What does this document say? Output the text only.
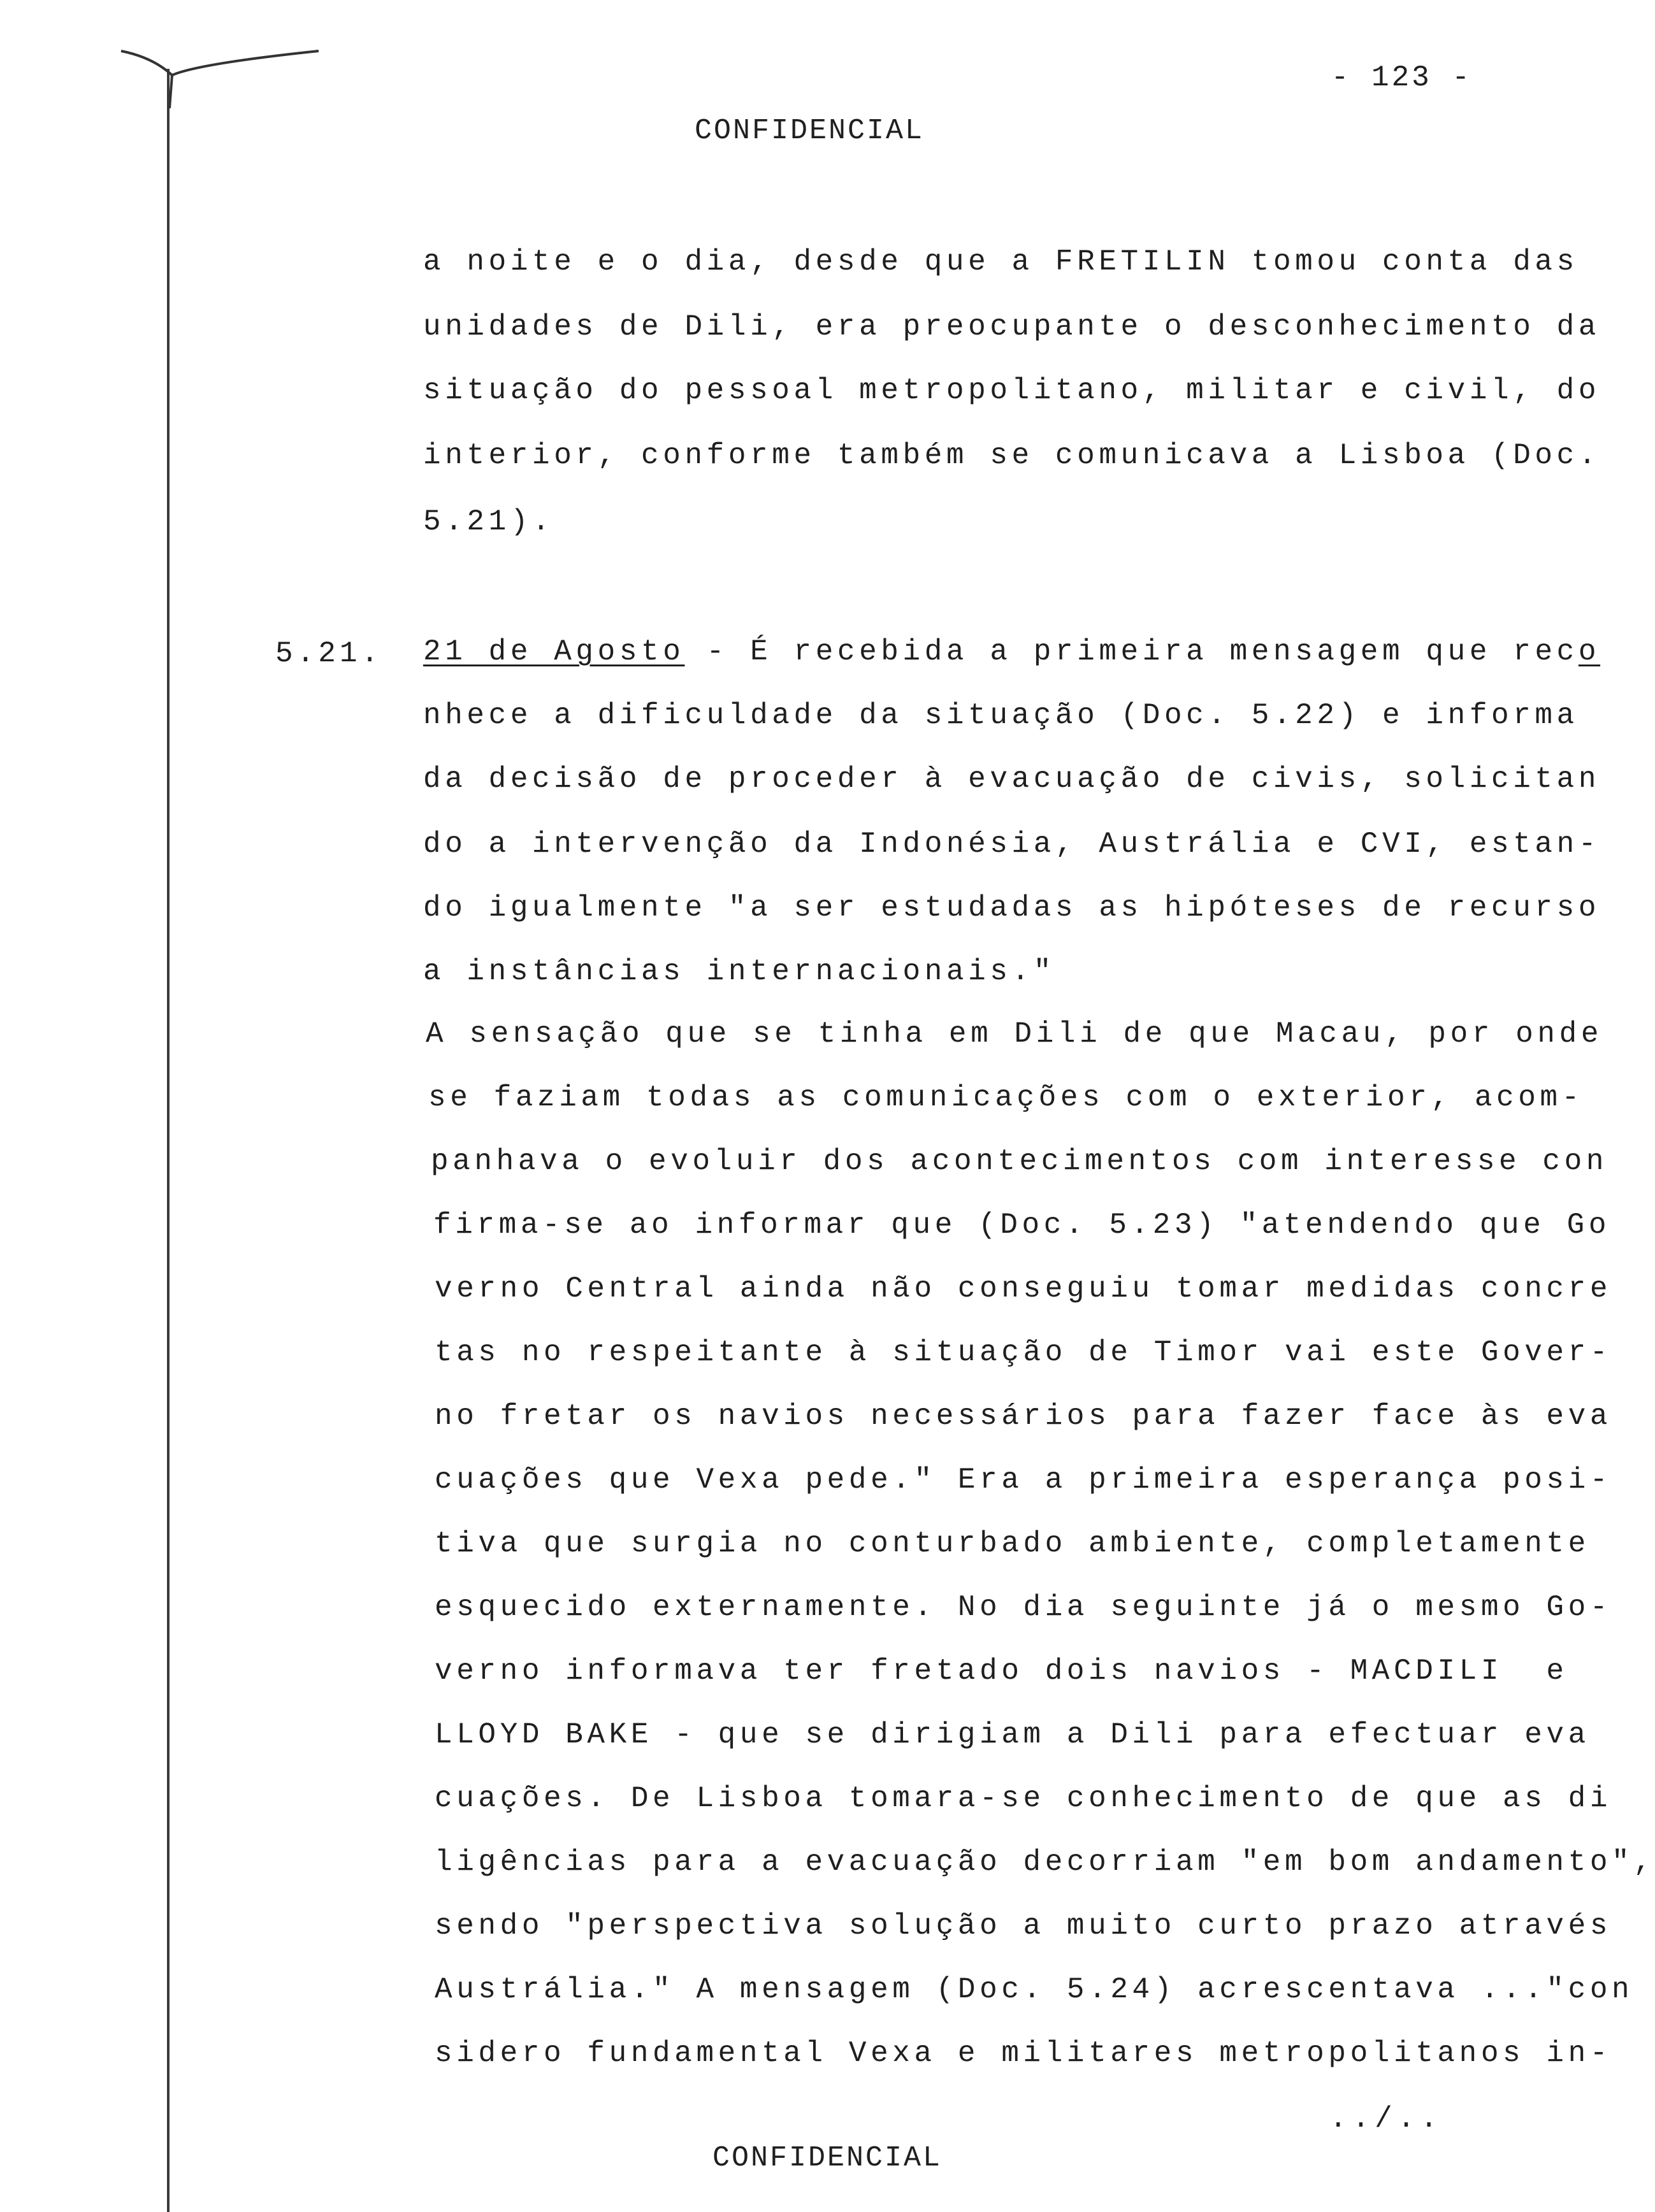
- 123 -
CONFIDENCIAL
a noite e o dia, desde que a FRETILIN tomou conta das
unidades de Dili, era preocupante o desconhecimento da
situação do pessoal metropolitano, militar e civil, do
interior, conforme também se comunicava a Lisboa (Doc.
5.21).
5.21. 21 de Agosto - É recebida a primeira mensagem que reco
nhece a dificuldade da situação (Doc. 5.22) e informa
da decisão de proceder à evacuação de civis, solicitan
do a intervenção da Indonésia, Austrália e CVI, estan-
do igualmente "a ser estudadas as hipóteses de recurso
a instâncias internacionais."
A sensação que se tinha em Dili de que Macau, por onde
se faziam todas as comunicações com o exterior, acom-
panhava o evoluir dos acontecimentos com interesse con
firma-se ao informar que (Doc. 5.23) "atendendo que Go
verno Central ainda não conseguiu tomar medidas concre
tas no respeitante à situação de Timor vai este Gover-
no fretar os navios necessários para fazer face às eva
cuações que Vexa pede." Era a primeira esperança posi-
tiva que surgia no conturbado ambiente, completamente
esquecido externamente. No dia seguinte já o mesmo Go-
verno informava ter fretado dois navios - MACDILI  e
LLOYD BAKE - que se dirigiam a Dili para efectuar eva
cuações. De Lisboa tomara-se conhecimento de que as di
ligências para a evacuação decorriam "em bom andamento",
sendo "perspectiva solução a muito curto prazo através
Austrália." A mensagem (Doc. 5.24) acrescentava ..."con
sidero fundamental Vexa e militares metropolitanos in-
../..
CONFIDENCIAL
